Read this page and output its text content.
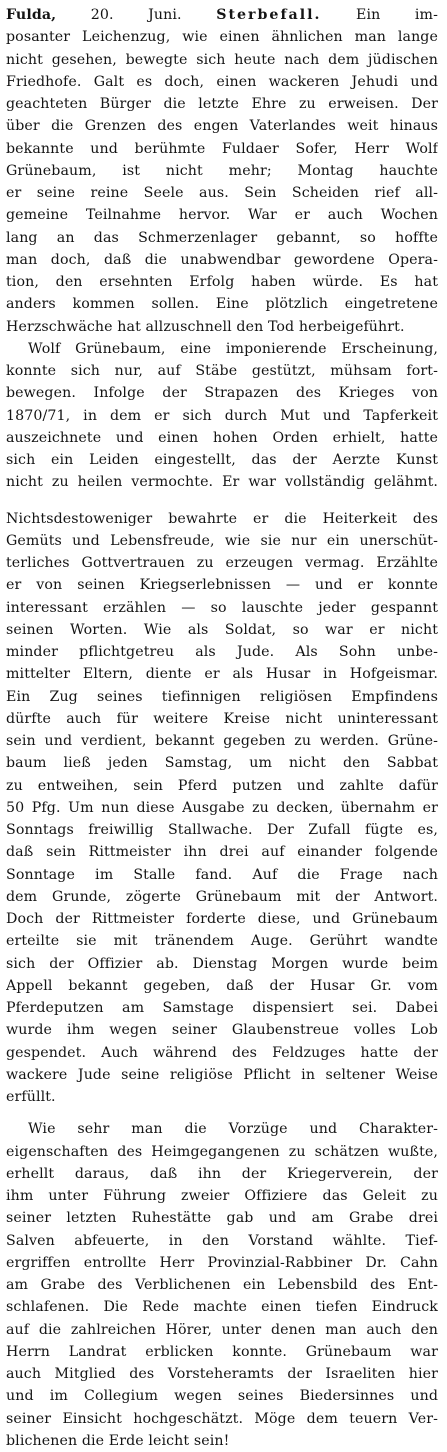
Fulda, 20. Juni. Sterbefall. Ein im-
posanter Leichenzug, wie einen ähnlichen man lange
nicht gesehen, bewegte sich heute nach dem jüdischen
Friedhofe. Galt es doch, einen wackeren Jehudi und
geachteten Bürger die letzte Ehre zu erweisen. Der
über die Grenzen des engen Vaterlandes weit hinaus
bekannte und berühmte Fuldaer Sofer, Herr Wolf
Grünebaum, ist nicht mehr; Montag hauchte
er seine reine Seele aus. Sein Scheiden rief all-
gemeine Teilnahme hervor. War er auch Wochen
lang an das Schmerzenlager gebannt, so hoffte
man doch, daß die unabwendbar gewordene Opera-
tion, den ersehnten Erfolg haben würde. Es hat
anders kommen sollen. Eine plötzlich eingetretene
Herzschwäche hat allzuschnell den Tod herbeigeführt.
Wolf Grünebaum, eine imponierende Erscheinung,
konnte sich nur, auf Stäbe gestützt, mühsam fort-
bewegen. Infolge der Strapazen des Krieges von
1870/71, in dem er sich durch Mut und Tapferkeit
auszeichnete und einen hohen Orden erhielt, hatte
sich ein Leiden eingestellt, das der Aerzte Kunst
nicht zu heilen vermochte. Er war vollständig gelähmt.
Nichtsdestoweniger bewahrte er die Heiterkeit des
Gemüts und Lebensfreude, wie sie nur ein unerschüt-
terliches Gottvertrauen zu erzeugen vermag. Erzählte
er von seinen Kriegserlebnissen — und er konnte
interessant erzählen — so lauschte jeder gespannt
seinen Worten. Wie als Soldat, so war er nicht
minder pflichtgetreu als Jude. Als Sohn unbe-
mittelter Eltern, diente er als Husar in Hofgeismar.
Ein Zug seines tiefinnigen religiösen Empfindens
dürfte auch für weitere Kreise nicht uninteressant
sein und verdient, bekannt gegeben zu werden. Grüne-
baum ließ jeden Samstag, um nicht den Sabbat
zu entweihen, sein Pferd putzen und zahlte dafür
50 Pfg. Um nun diese Ausgabe zu decken, übernahm er
Sonntags freiwillig Stallwache. Der Zufall fügte es,
daß sein Rittmeister ihn drei auf einander folgende
Sonntage im Stalle fand. Auf die Frage nach
dem Grunde, zögerte Grünebaum mit der Antwort.
Doch der Rittmeister forderte diese, und Grünebaum
erteilte sie mit tränendem Auge. Gerührt wandte
sich der Offizier ab. Dienstag Morgen wurde beim
Appell bekannt gegeben, daß der Husar Gr. vom
Pferdeputzen am Samstage dispensiert sei. Dabei
wurde ihm wegen seiner Glaubenstreue volles Lob
gespendet. Auch während des Feldzuges hatte der
wackere Jude seine religiöse Pflicht in seltener Weise
erfüllt.
Wie sehr man die Vorzüge und Charakter-
eigenschaften des Heimgegangenen zu schätzen wußte,
erhellt daraus, daß ihn der Kriegerverein, der
ihm unter Führung zweier Offiziere das Geleit zu
seiner letzten Ruhestätte gab und am Grabe drei
Salven abfeuerte, in den Vorstand wählte. Tief-
ergriffen entrollte Herr Provinzial-Rabbiner Dr. Cahn
am Grabe des Verblichenen ein Lebensbild des Ent-
schlafenen. Die Rede machte einen tiefen Eindruck
auf die zahlreichen Hörer, unter denen man auch den
Herrn Landrat erblicken konnte. Grünebaum war
auch Mitglied des Vorsteheramts der Israeliten hier
und im Collegium wegen seines Biedersinnes und
seiner Einsicht hochgeschätzt. Möge dem teuern Ver-
blichenen die Erde leicht sein!
